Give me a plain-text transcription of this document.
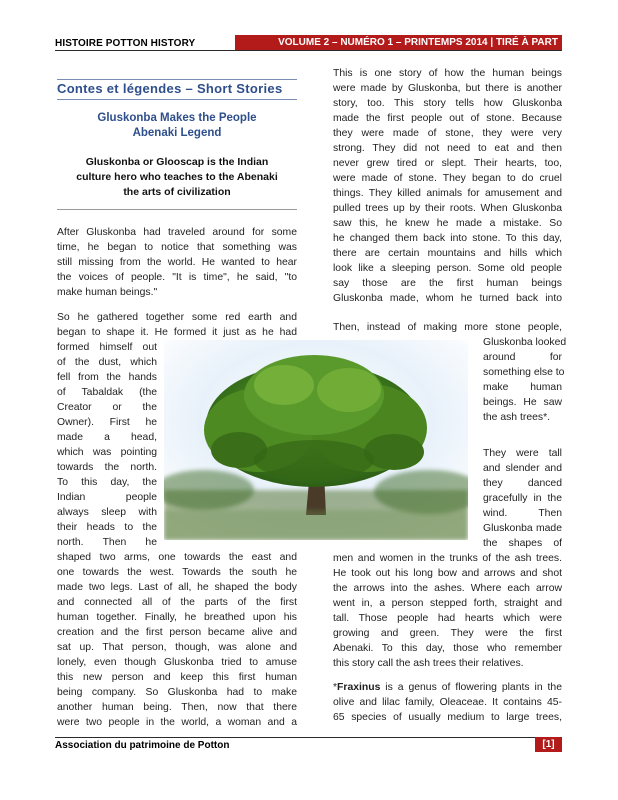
HISTOIRE POTTON HISTORY	VOLUME 2 – NUMÉRO 1 – PRINTEMPS 2014 | TIRÉ À PART
Contes et légendes – Short Stories
Gluskonba Makes the People
Abenaki Legend
Gluskonba or Glooscap is the Indian
culture hero who teaches to the Abenaki
the arts of civilization
After Gluskonba had traveled around for some
time, he began to notice that something was
still missing from the world. He wanted to hear
the voices of people. "It is time", he said, "to
make human beings."
So he gathered together some red earth and
began to shape it. He formed it just as he had
formed himself out
of the dust, which
fell from the hands
of Tabaldak (the
Creator or the
Owner). First he
made a head,
which was pointing
towards the north.
To this day, the
Indian people
always sleep with
their heads to the
north. Then he
shaped two arms, one towards the east and
one towards the west. Towards the south he
made two legs. Last of all, he shaped the body
and connected all of the parts of the first
human together. Finally, he breathed upon his
creation and the first person became alive and
sat up. That person, though, was alone and
lonely, even though Gluskonba tried to amuse
this new person and keep this first human
being company. So Gluskonba had to make
another human being. Then, now that there
were two people in the world, a woman and a
This is one story of how the human beings
were made by Gluskonba, but there is another
story, too. This story tells how Gluskonba
made the first people out of stone. Because
they were made of stone, they were very
strong. They did not need to eat and then
never grew tired or slept. Their hearts, too,
were made of stone. They began to do cruel
things. They killed animals for amusement and
pulled trees up by their roots. When Gluskonba
saw this, he knew he made a mistake. So
he changed them back into stone. To this day,
there are certain mountains and hills which
look like a sleeping person. Some old people
say those are the first human beings
Gluskonba made, whom he turned back into
Then, instead of making more stone people,
Gluskonba looked
around for
something else to
make human
beings. He saw
the ash trees*.
They were tall
and slender and
they danced
gracefully in the
wind. Then
Gluskonba made
the shapes of
men and women in the trunks of the ash trees.
He took out his long bow and arrows and shot
the arrows into the ashes. Where each arrow
went in, a person stepped forth, straight and
tall. Those people had hearts which were
growing and green. They were the first
Abenaki. To this day, those who remember
this story call the ash trees their relatives.
*Fraxinus is a genus of flowering plants in the
olive and lilac family, Oleaceae. It contains 45-
65 species of usually medium to large trees,
Association du patrimoine de Potton	[1]
